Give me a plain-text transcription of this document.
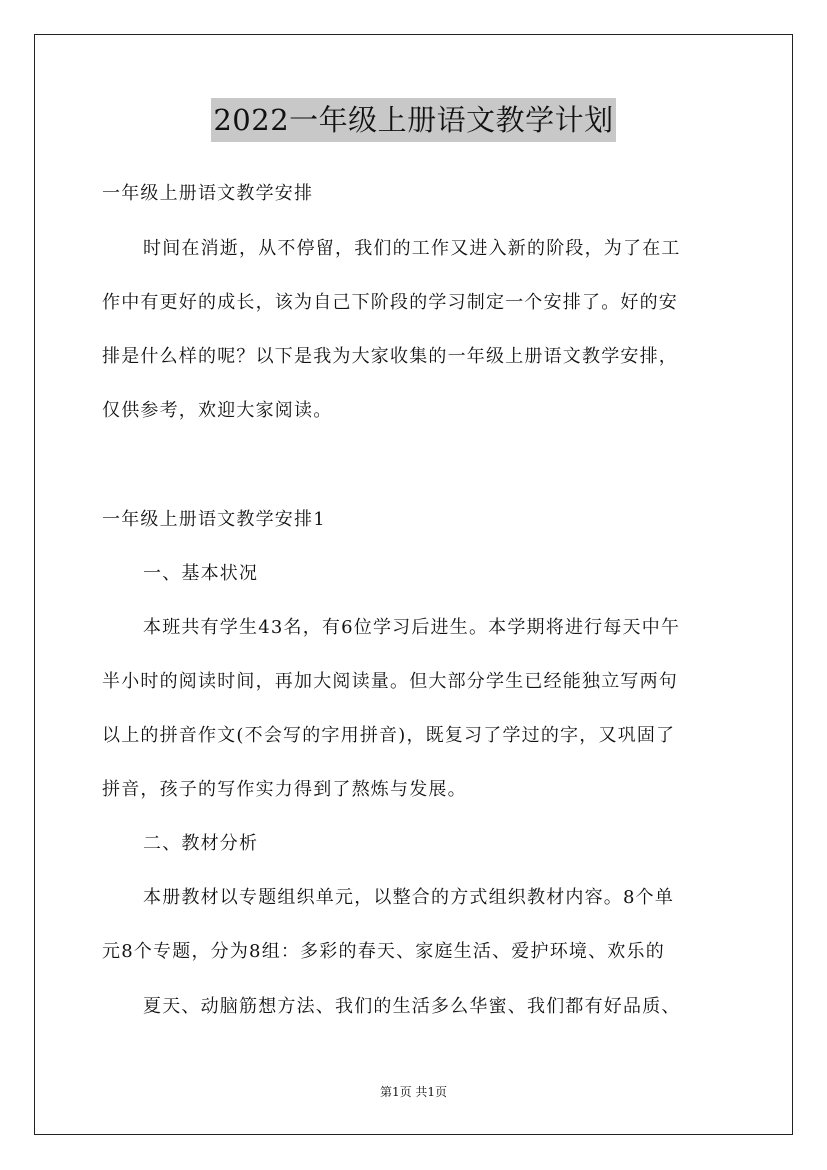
2022一年级上册语文教学计划
一年级上册语文教学安排
时间在消逝，从不停留，我们的工作又进入新的阶段，为了在工
作中有更好的成长，该为自己下阶段的学习制定一个安排了。好的安
排是什么样的呢？以下是我为大家收集的一年级上册语文教学安排，
仅供参考，欢迎大家阅读。
一年级上册语文教学安排1
一、基本状况
本班共有学生43名，有6位学习后进生。本学期将进行每天中午
半小时的阅读时间，再加大阅读量。但大部分学生已经能独立写两句
以上的拼音作文(不会写的字用拼音)，既复习了学过的字，又巩固了
拼音，孩子的写作实力得到了熬炼与发展。
二、教材分析
本册教材以专题组织单元，以整合的方式组织教材内容。8个单
元8个专题，分为8组：多彩的春天、家庭生活、爱护环境、欢乐的
夏天、动脑筋想方法、我们的生活多么华蜜、我们都有好品质、
第1页 共1页
